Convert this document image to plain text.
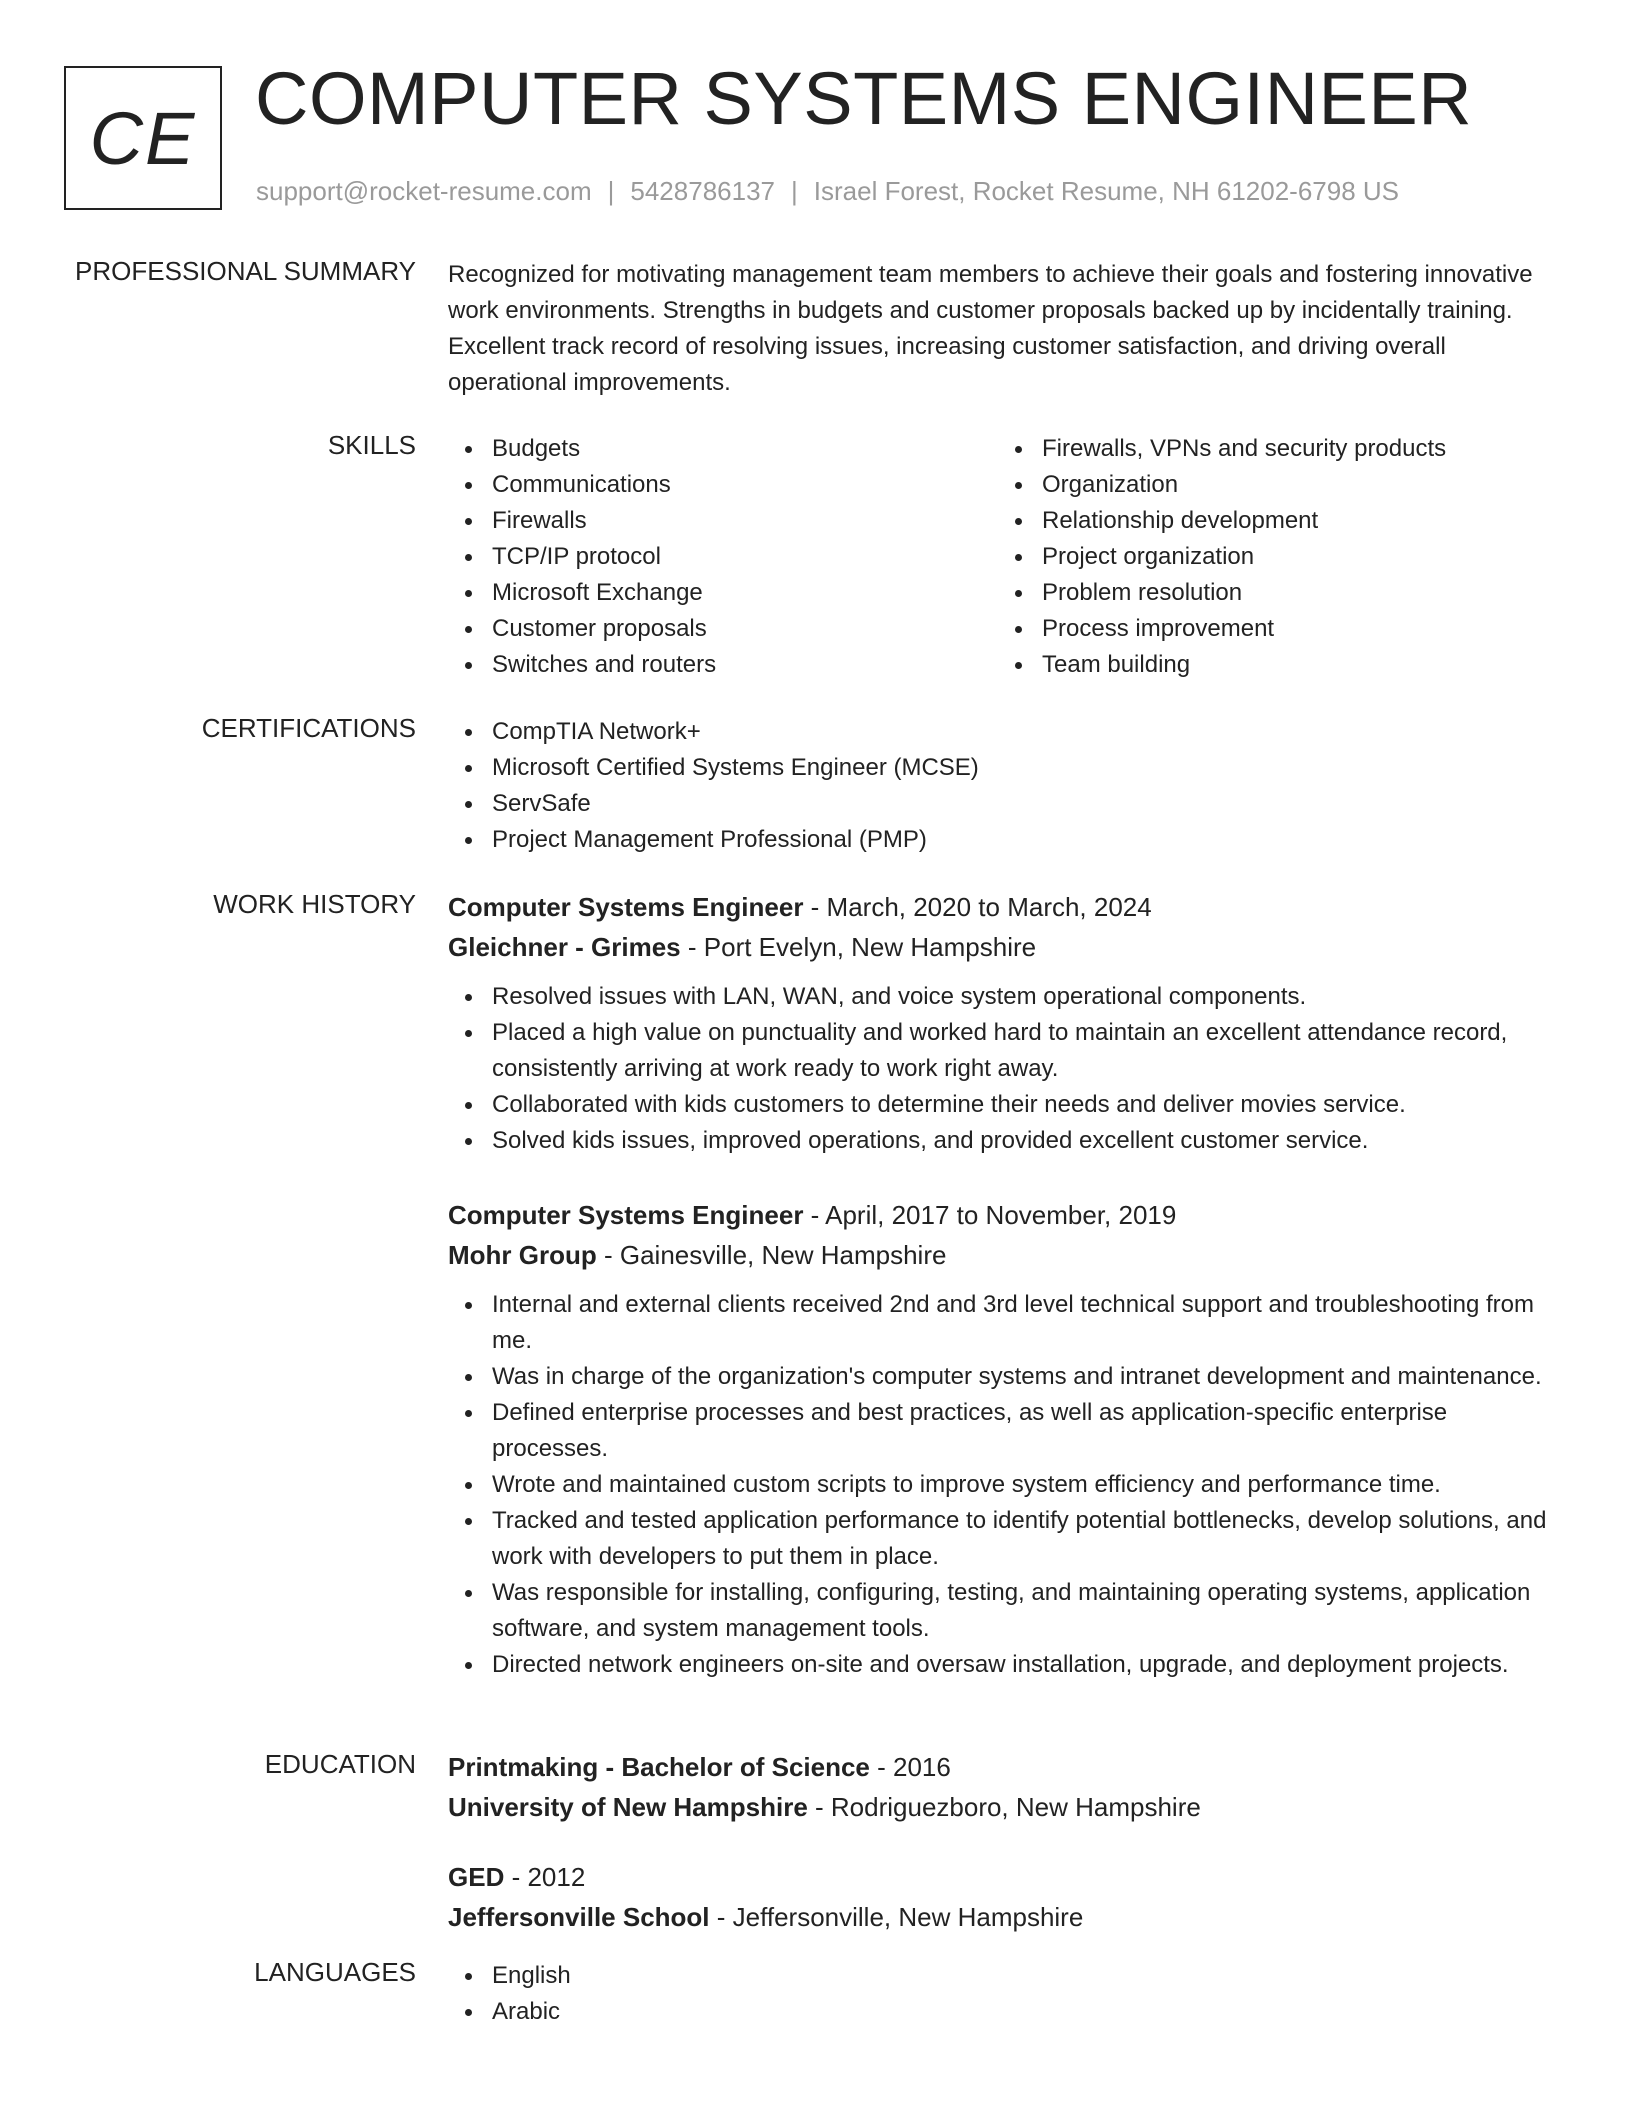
CE COMPUTER SYSTEMS ENGINEER
support@rocket-resume.com | 5428786137 | Israel Forest, Rocket Resume, NH 61202-6798 US
PROFESSIONAL SUMMARY Recognized for motivating management team members to achieve their goals and fostering innovative work environments. Strengths in budgets and customer proposals backed up by incidentally training. Excellent track record of resolving issues, increasing customer satisfaction, and driving overall operational improvements.
SKILLS	Budgets
Communications
Firewalls
TCP/IP protocol
Microsoft Exchange
Customer proposals
Switches and routers
Firewalls, VPNs and security products
Organization
Relationship development
Project organization
Problem resolution
Process improvement
Team building
CERTIFICATIONS	CompTIA Network+
Microsoft Certified Systems Engineer (MCSE)
ServSafe
Project Management Professional (PMP)
WORK HISTORY Computer Systems Engineer - March, 2020 to March, 2024
Gleichner - Grimes - Port Evelyn, New Hampshire
Resolved issues with LAN, WAN, and voice system operational components.
Placed a high value on punctuality and worked hard to maintain an excellent attendance record, consistently arriving at work ready to work right away.
Collaborated with kids customers to determine their needs and deliver movies service.
Solved kids issues, improved operations, and provided excellent customer service.
Computer Systems Engineer - April, 2017 to November, 2019
Mohr Group - Gainesville, New Hampshire
Internal and external clients received 2nd and 3rd level technical support and troubleshooting from me.
Was in charge of the organization's computer systems and intranet development and maintenance.
Defined enterprise processes and best practices, as well as application-specific enterprise processes.
Wrote and maintained custom scripts to improve system efficiency and performance time.
Tracked and tested application performance to identify potential bottlenecks, develop solutions, and work with developers to put them in place.
Was responsible for installing, configuring, testing, and maintaining operating systems, application software, and system management tools.
Directed network engineers on-site and oversaw installation, upgrade, and deployment projects.
EDUCATION Printmaking - Bachelor of Science - 2016
University of New Hampshire - Rodriguezboro, New Hampshire
GED - 2012
Jeffersonville School - Jeffersonville, New Hampshire
LANGUAGES	English
Arabic
